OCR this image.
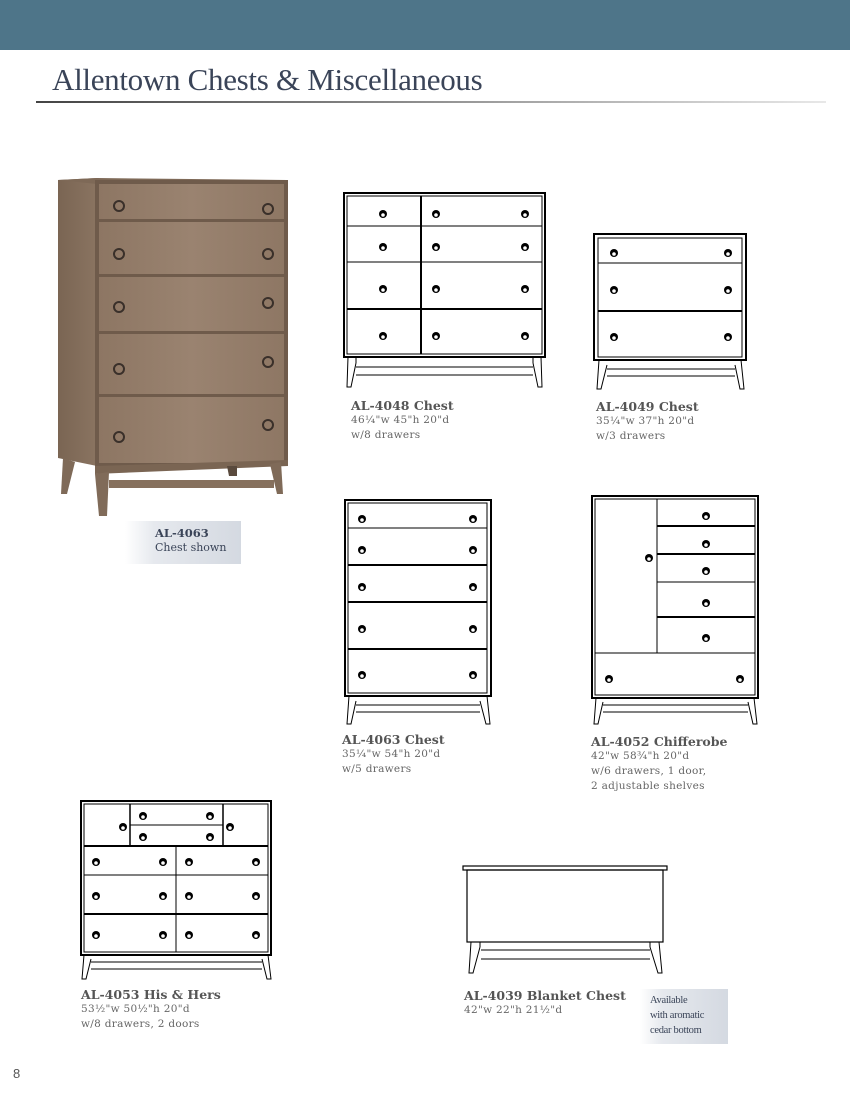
Allentown Chests & Miscellaneous
AL-4063
Chest shown
AL-4048 Chest
46¼"w 45"h 20"d
w/8 drawers
AL-4049 Chest
35¼"w 37"h 20"d
w/3 drawers
AL-4063 Chest
35¼"w 54"h 20"d
w/5 drawers
AL-4052 Chifferobe
42"w 58¾"h 20"d
w/6 drawers, 1 door,
2 adjustable shelves
AL-4053 His & Hers
53½"w 50½"h 20"d
w/8 drawers, 2 doors
AL-4039 Blanket Chest
42"w 22"h 21½"d
Available
with aromatic
cedar bottom
8
